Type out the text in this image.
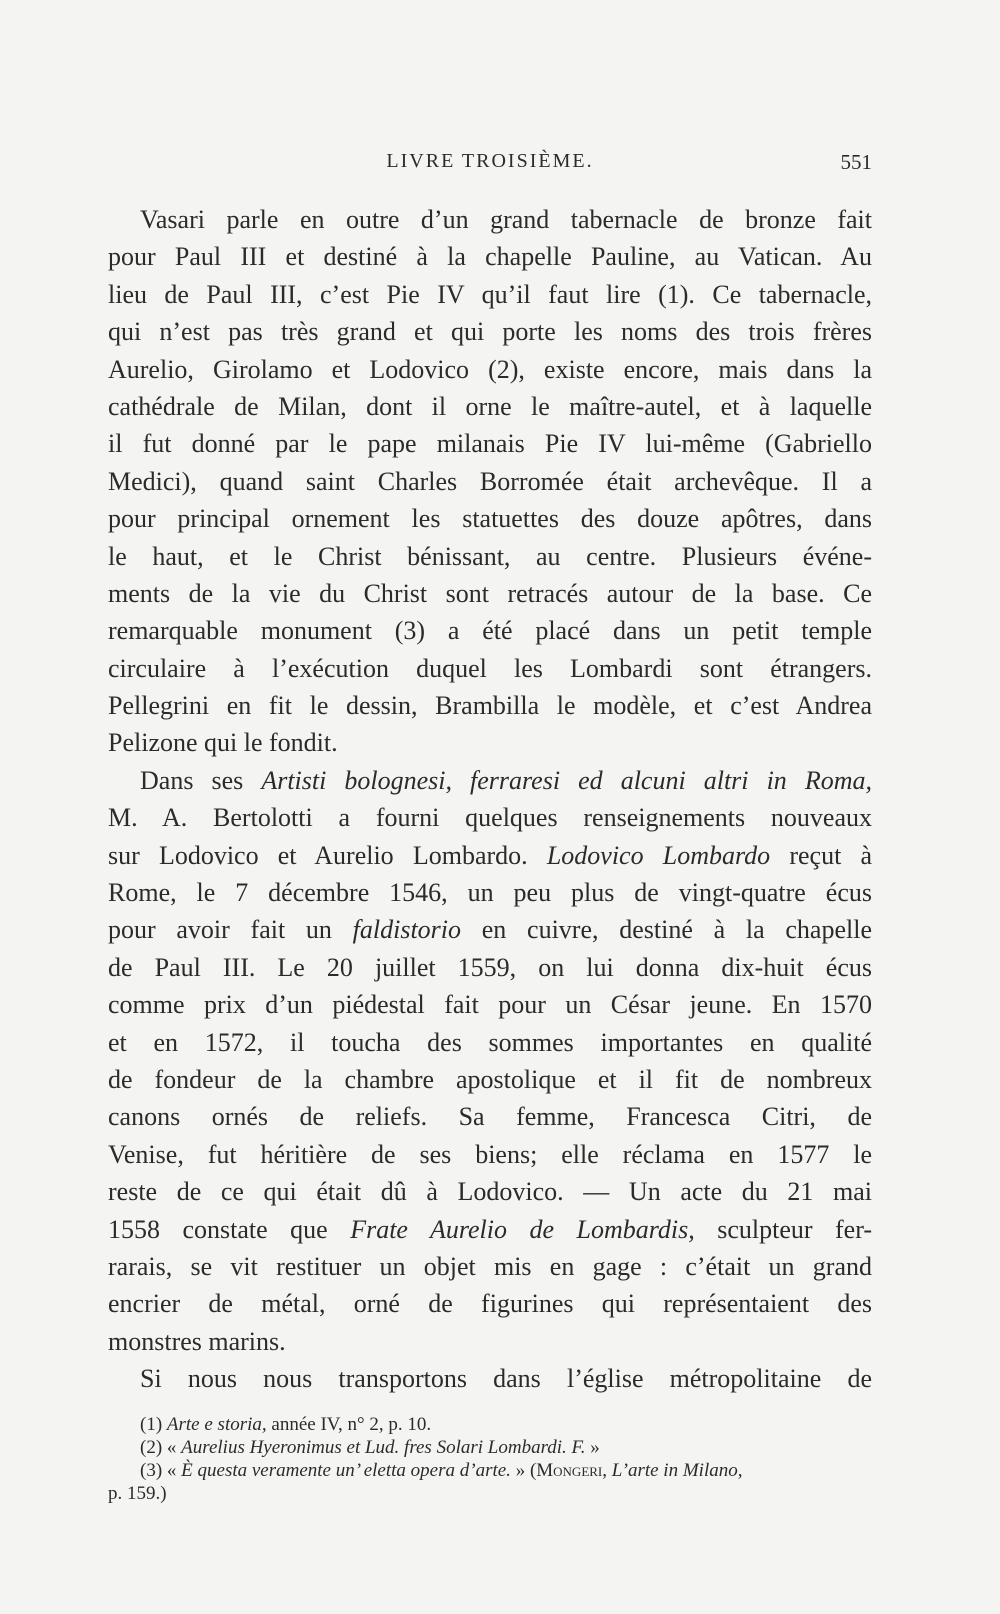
LIVRE TROISIÈME.	551
Vasari parle en outre d’un grand tabernacle de bronze fait
pour Paul III et destiné à la chapelle Pauline, au Vatican. Au
lieu de Paul III, c’est Pie IV qu’il faut lire (1). Ce tabernacle,
qui n’est pas très grand et qui porte les noms des trois frères
Aurelio, Girolamo et Lodovico (2), existe encore, mais dans la
cathédrale de Milan, dont il orne le maître-autel, et à laquelle
il fut donné par le pape milanais Pie IV lui-même (Gabriello
Medici), quand saint Charles Borromée était archevêque. Il a
pour principal ornement les statuettes des douze apôtres, dans
le haut, et le Christ bénissant, au centre. Plusieurs événe-
ments de la vie du Christ sont retracés autour de la base. Ce
remarquable monument (3) a été placé dans un petit temple
circulaire à l’exécution duquel les Lombardi sont étrangers.
Pellegrini en fit le dessin, Brambilla le modèle, et c’est Andrea
Pelizone qui le fondit.
Dans ses Artisti bolognesi, ferraresi ed alcuni altri in Roma,
M. A. Bertolotti a fourni quelques renseignements nouveaux
sur Lodovico et Aurelio Lombardo. Lodovico Lombardo reçut à
Rome, le 7 décembre 1546, un peu plus de vingt-quatre écus
pour avoir fait un faldistorio en cuivre, destiné à la chapelle
de Paul III. Le 20 juillet 1559, on lui donna dix-huit écus
comme prix d’un piédestal fait pour un César jeune. En 1570
et en 1572, il toucha des sommes importantes en qualité
de fondeur de la chambre apostolique et il fit de nombreux
canons ornés de reliefs. Sa femme, Francesca Citri, de
Venise, fut héritière de ses biens; elle réclama en 1577 le
reste de ce qui était dû à Lodovico. — Un acte du 21 mai
1558 constate que Frate Aurelio de Lombardis, sculpteur fer-
rarais, se vit restituer un objet mis en gage : c’était un grand
encrier de métal, orné de figurines qui représentaient des
monstres marins.
Si nous nous transportons dans l’église métropolitaine de
(1) Arte e storia, année IV, n° 2, p. 10.
(2) « Aurelius Hyeronimus et Lud. fres Solari Lombardi. F. »
(3) « È questa veramente un’ eletta opera d’arte. » (Mongeri, L’arte in Milano,
p. 159.)
